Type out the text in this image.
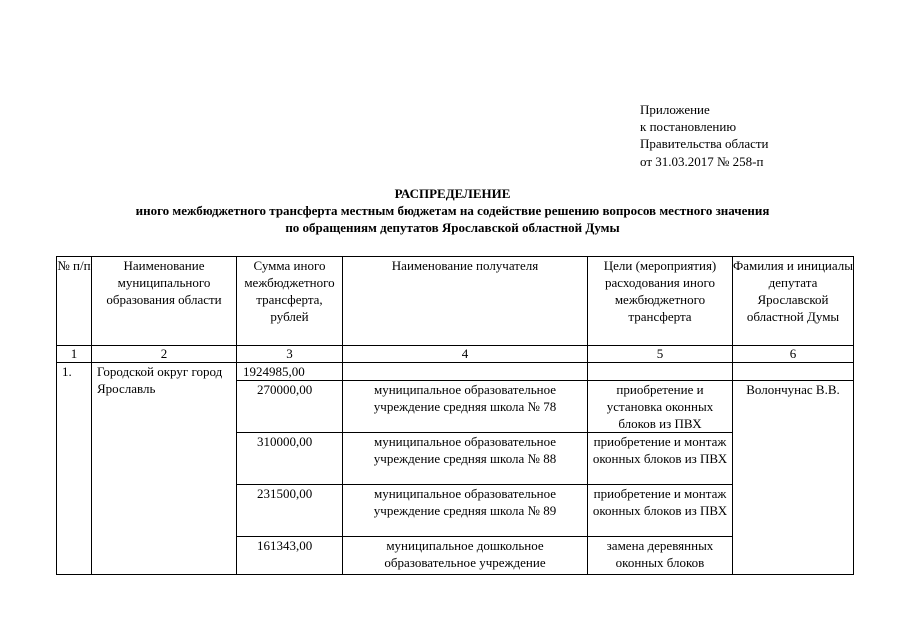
Приложение
к постановлению
Правительства области
от 31.03.2017 № 258-п
РАСПРЕДЕЛЕНИЕ
иного межбюджетного трансферта местным бюджетам на содействие решению вопросов местного значения
по обращениям депутатов Ярославской областной Думы
№ п/п	Наименование муниципального образования области	Сумма иного межбюджетного трансферта, рублей	Наименование получателя	Цели (мероприятия) расходования иного межбюджетного трансферта	Фамилия и инициалы депутата Ярославской областной Думы
1	2	3	4	5	6
1.	Городской округ город Ярославль	1924985,00			
		270000,00	муниципальное образовательное учреждение средняя школа № 78	приобретение и установка оконных блоков из ПВХ	Волончунас В.В.
		310000,00	муниципальное образовательное учреждение средняя школа № 88	приобретение и монтаж оконных блоков из ПВХ	
		231500,00	муниципальное образовательное учреждение средняя школа № 89	приобретение и монтаж оконных блоков из ПВХ	
		161343,00	муниципальное дошкольное образовательное учреждение	замена деревянных оконных блоков	
